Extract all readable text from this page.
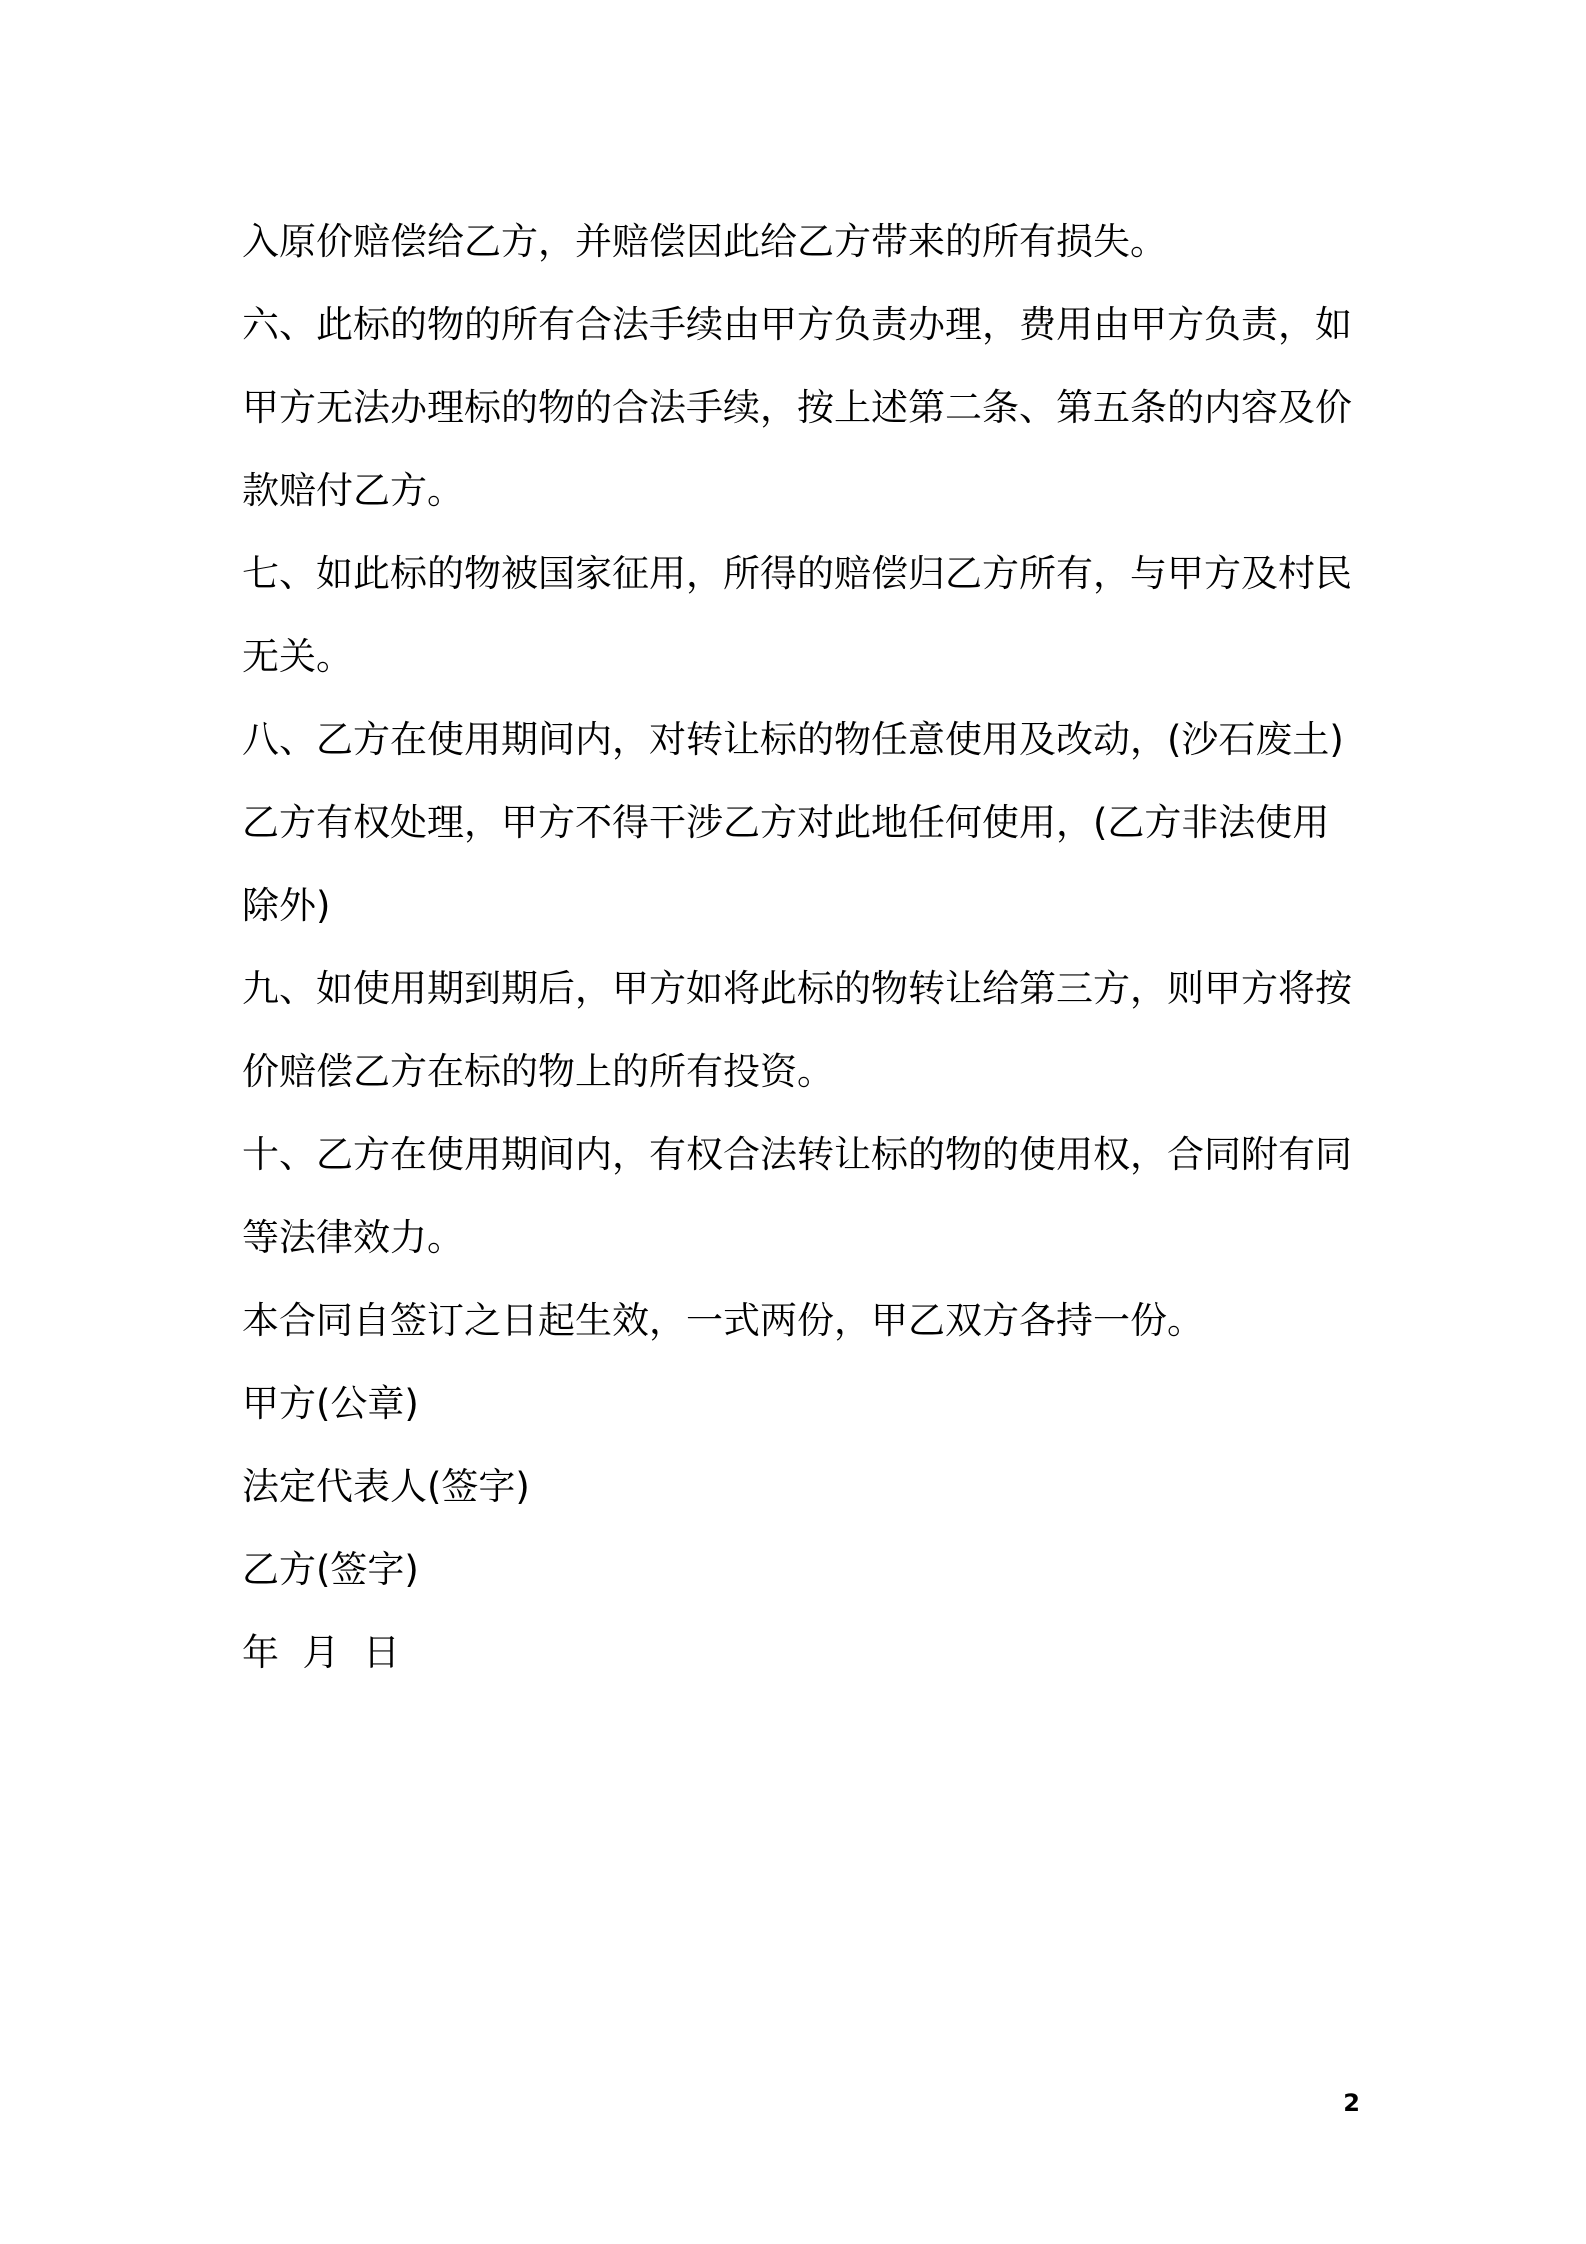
入原价赔偿给乙方，并赔偿因此给乙方带来的所有损失。
六、此标的物的所有合法手续由甲方负责办理，费用由甲方负责，如
甲方无法办理标的物的合法手续，按上述第二条、第五条的内容及价
款赔付乙方。
七、如此标的物被国家征用，所得的赔偿归乙方所有，与甲方及村民
无关。
八、乙方在使用期间内，对转让标的物任意使用及改动，(沙石废土)
乙方有权处理，甲方不得干涉乙方对此地任何使用，(乙方非法使用
除外)
九、如使用期到期后，甲方如将此标的物转让给第三方，则甲方将按
价赔偿乙方在标的物上的所有投资。
十、乙方在使用期间内，有权合法转让标的物的使用权，合同附有同
等法律效力。
本合同自签订之日起生效，一式两份，甲乙双方各持一份。
甲方(公章)
法定代表人(签字)
乙方(签字)
年  月  日
2
